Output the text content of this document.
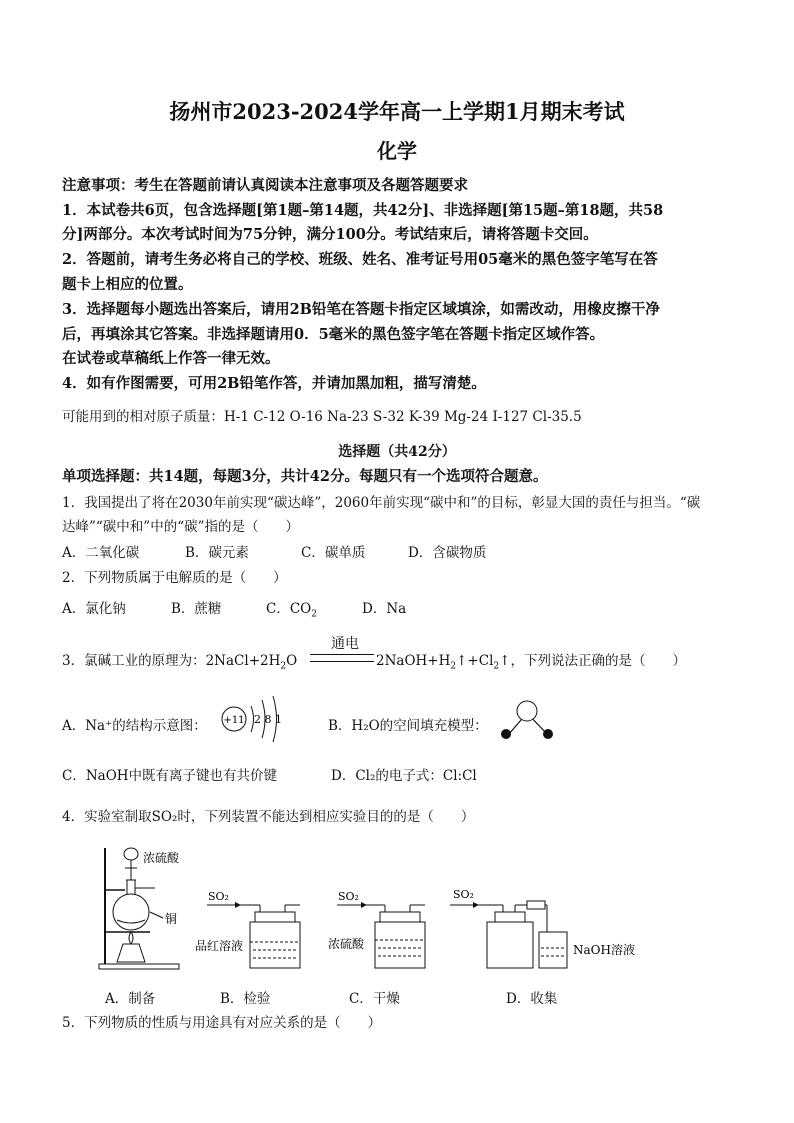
扬州市2023-2024学年高一上学期1月期末考试
化学
注意事项：考生在答题前请认真阅读本注意事项及各题答题要求
1．本试卷共6页，包含选择题[第1题–第14题，共42分]、非选择题[第15题–第18题，共58
分]两部分。本次考试时间为75分钟，满分100分。考试结束后，请将答题卡交回。
2．答题前，请考生务必将自己的学校、班级、姓名、准考证号用05毫米的黑色签字笔写在答
题卡上相应的位置。
3．选择题每小题选出答案后，请用2B铅笔在答题卡指定区域填涂，如需改动，用橡皮擦干净
后，再填涂其它答案。非选择题请用0．5毫米的黑色签字笔在答题卡指定区域作答。
在试卷或草稿纸上作答一律无效。
4．如有作图需要，可用2B铅笔作答，并请加黑加粗，描写清楚。
可能用到的相对原子质量：H-1 C-12 O-16 Na-23 S-32 K-39 Mg-24 I-127 Cl-35.5
选择题（共42分）
单项选择题：共14题，每题3分，共计42分。每题只有一个选项符合题意。
1．我国提出了将在2030年前实现“碳达峰”，2060年前实现“碳中和”的目标，彰显大国的责任与担当。“碳
达峰”“碳中和”中的“碳”指的是（　　）
A．二氧化碳	B．碳元素	C．碳单质	D．含碳物质
2．下列物质属于电解质的是（　　）
A．氯化钠	B．蔗糖	C．$CO_2$	D．Na
3．氯碱工业的原理为：$2NaCl+2H_2O$
通电
$2NaOH+H_2↑+Cl_2↑$，下列说法正确的是（　　）
A．Na⁺的结构示意图： +11 2 8 1	B．H₂O的空间填充模型：
C．NaOH中既有离子键也有共价键	D．Cl₂的电子式：Cl:Cl
4．实验室制取SO₂时，下列装置不能达到相应实验目的的是（　　）
浓硫酸
铜
SO₂
品红溶液
SO₂
浓硫酸
SO₂
NaOH溶液
A．制备	B．检验	C．干燥	D．收集
5．下列物质的性质与用途具有对应关系的是（　　）
